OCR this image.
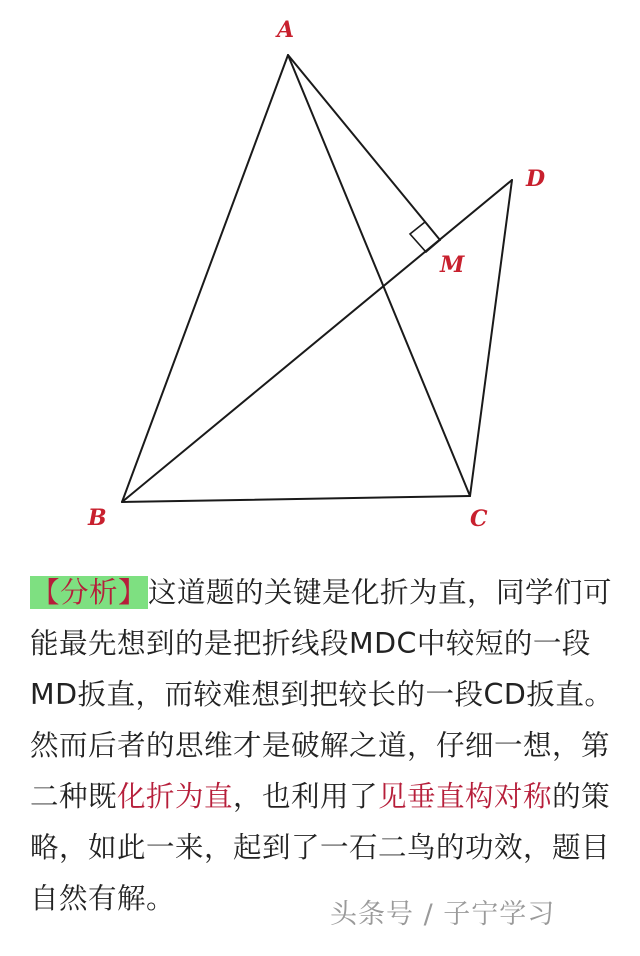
A
B	C
D
M
【分析】这道题的关键是化折为直，同学们可能最先想到的是把折线段MDC中较短的一段MD扳直，而较难想到把较长的一段CD扳直。然而后者的思维才是破解之道，仔细一想，第二种既化折为直，也利用了见垂直构对称的策略，如此一来，起到了一石二鸟的功效，题目自然有解。	头条号 / 子宁学习
